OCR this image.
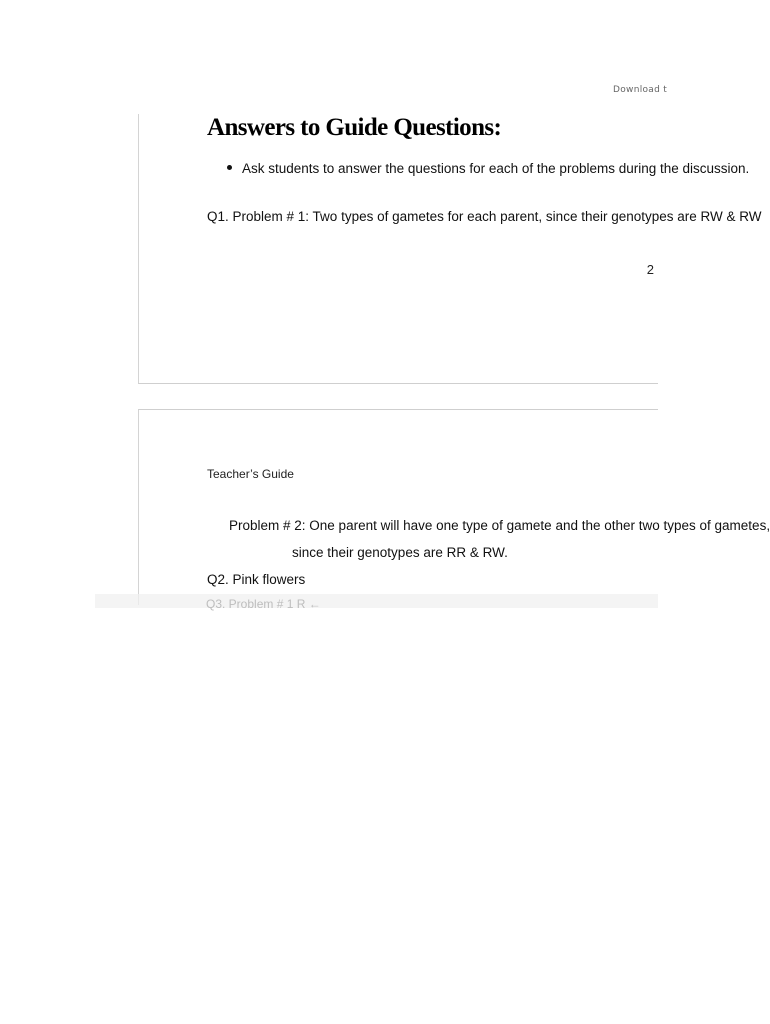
Download t
Answers to Guide Questions:
Ask students to answer the questions for each of the problems during the discussion.
Q1. Problem # 1: Two types of gametes for each parent, since their genotypes are RW & RW
2
Teacher’s Guide
Problem # 2: One parent will have one type of gamete and the other two types of gametes,
since their genotypes are RR & RW.
Q2. Pink flowers
Q3. Problem # 1 R ←
